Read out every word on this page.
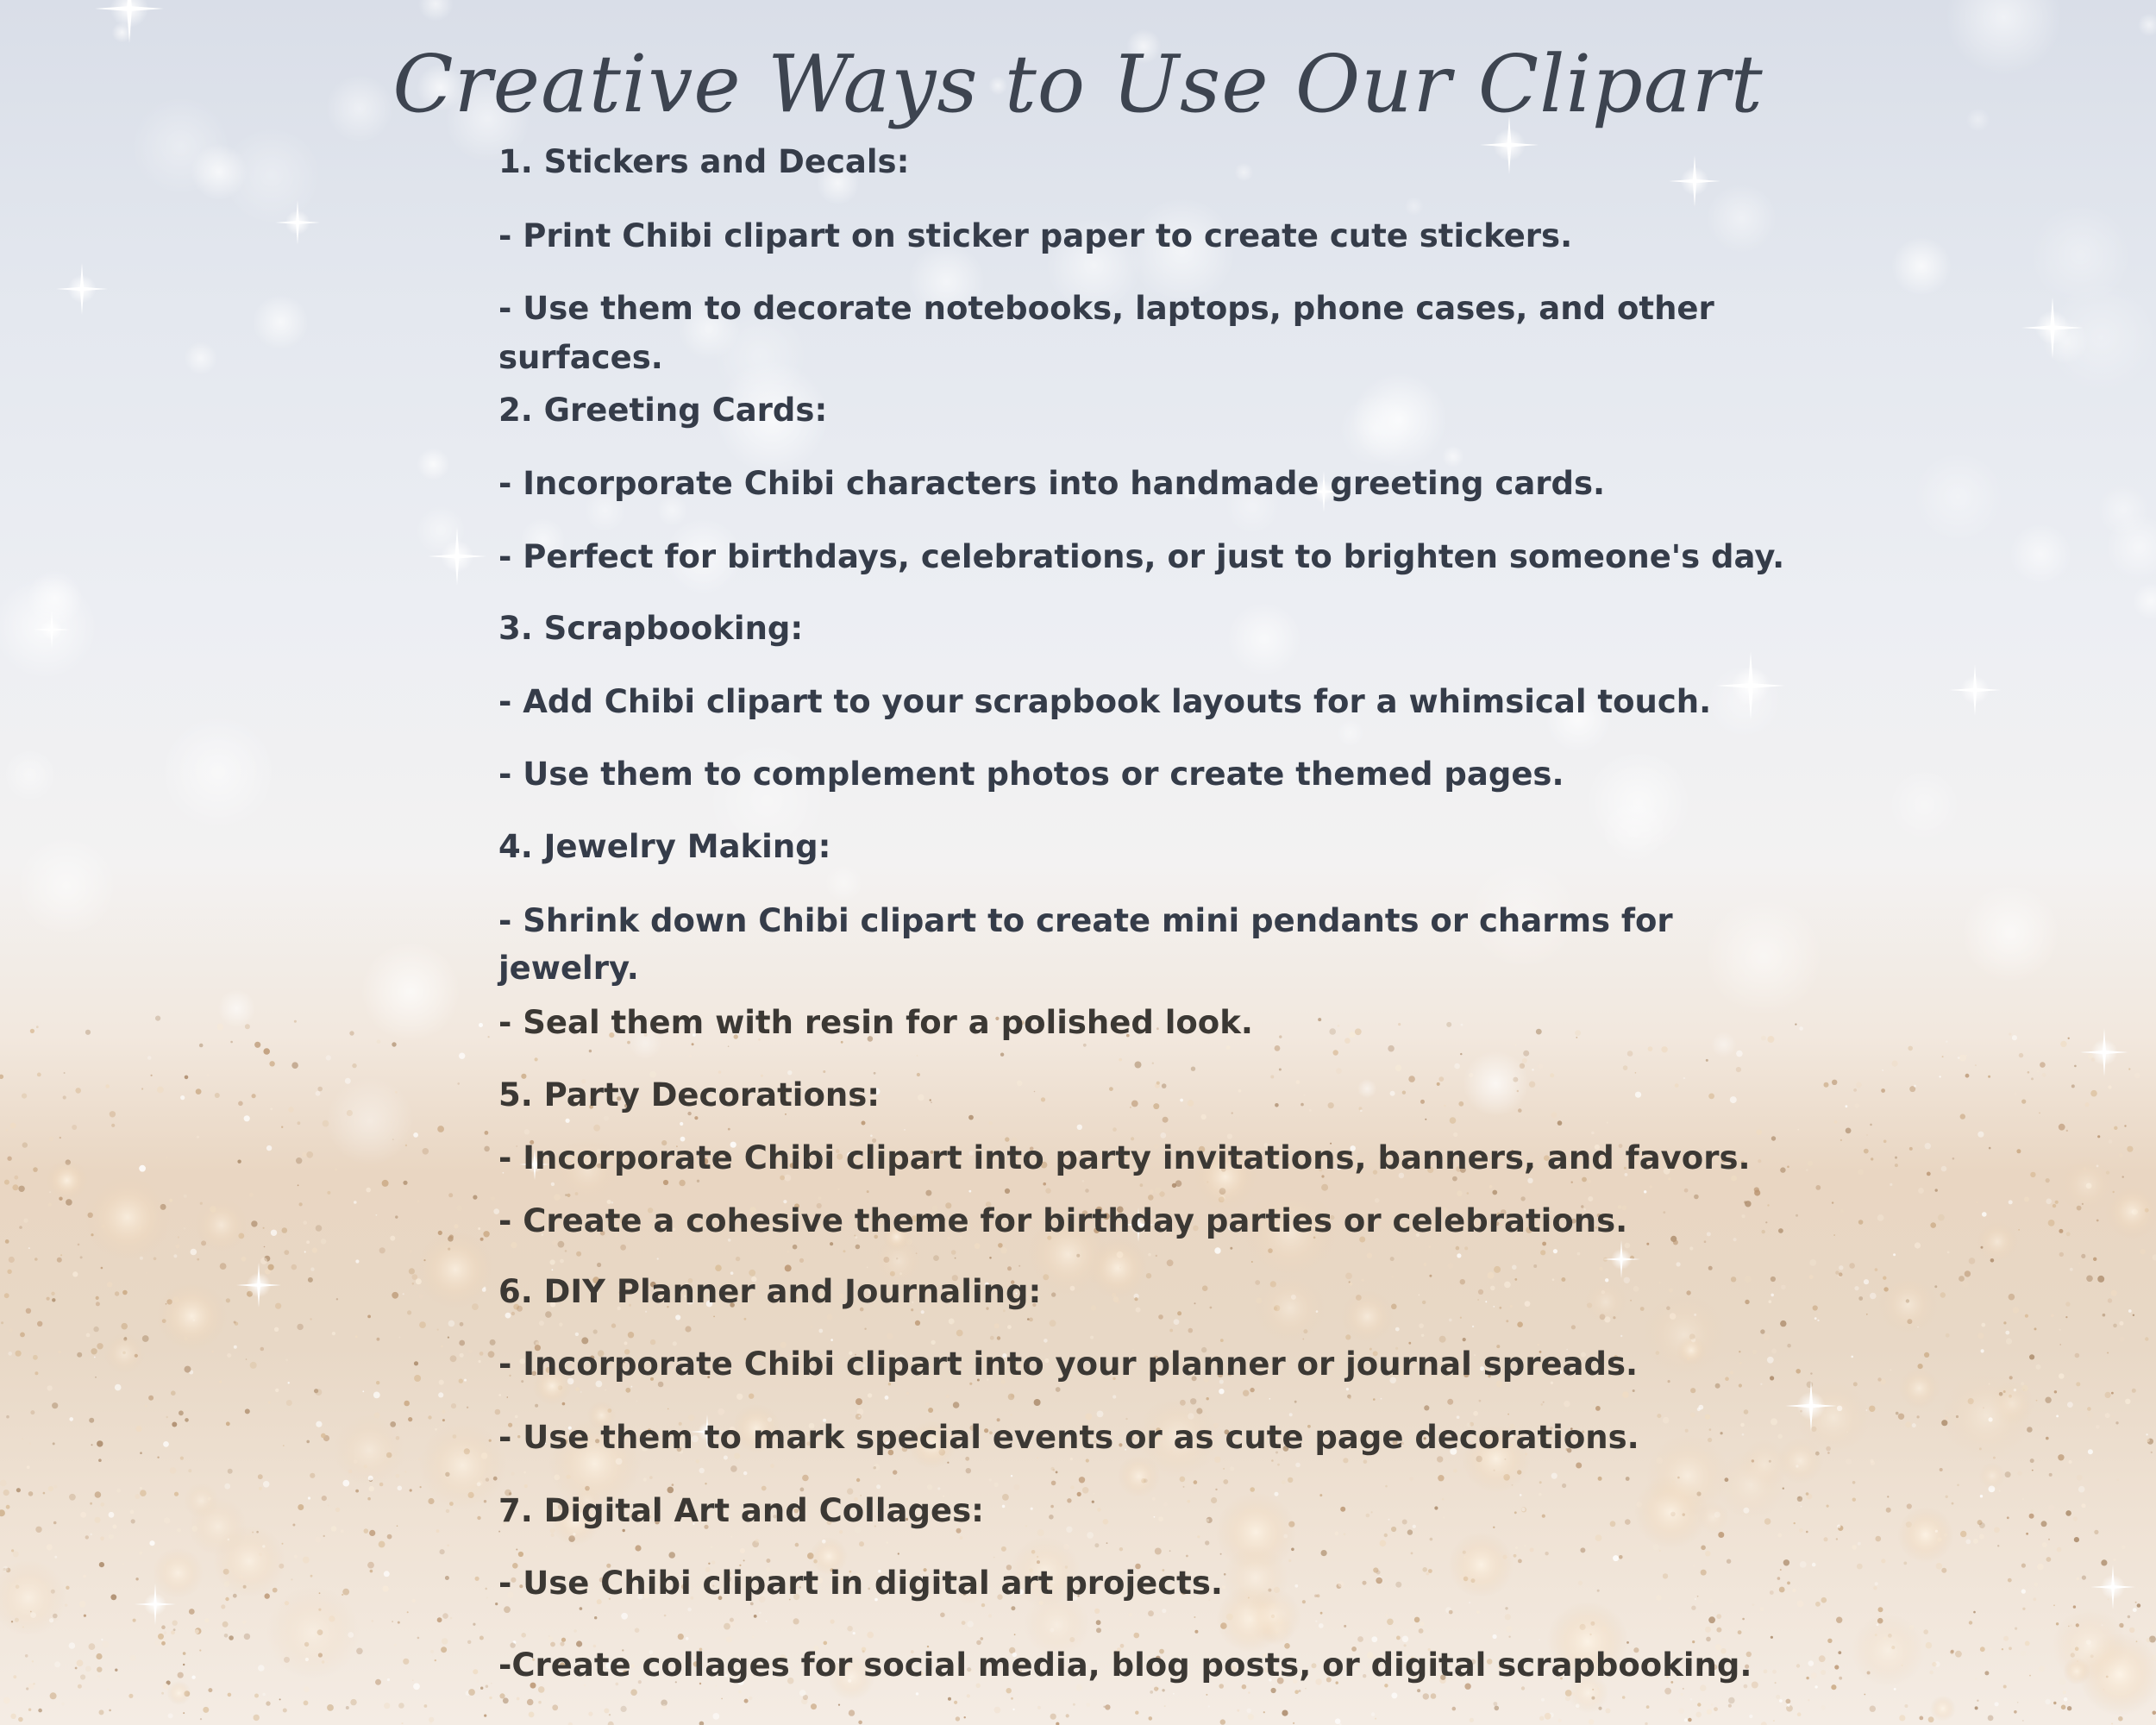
Creative Ways to Use Our Clipart
1. Stickers and Decals:
- Print Chibi clipart on sticker paper to create cute stickers.
- Use them to decorate notebooks, laptops, phone cases, and other
surfaces.
2. Greeting Cards:
- Incorporate Chibi characters into handmade greeting cards.
- Perfect for birthdays, celebrations, or just to brighten someone's day.
3. Scrapbooking:
- Add Chibi clipart to your scrapbook layouts for a whimsical touch.
- Use them to complement photos or create themed pages.
4. Jewelry Making:
- Shrink down Chibi clipart to create mini pendants or charms for
jewelry.
- Seal them with resin for a polished look.
5. Party Decorations:
- Incorporate Chibi clipart into party invitations, banners, and favors.
- Create a cohesive theme for birthday parties or celebrations.
6. DIY Planner and Journaling:
- Incorporate Chibi clipart into your planner or journal spreads.
- Use them to mark special events or as cute page decorations.
7. Digital Art and Collages:
- Use Chibi clipart in digital art projects.
-Create collages for social media, blog posts, or digital scrapbooking.
